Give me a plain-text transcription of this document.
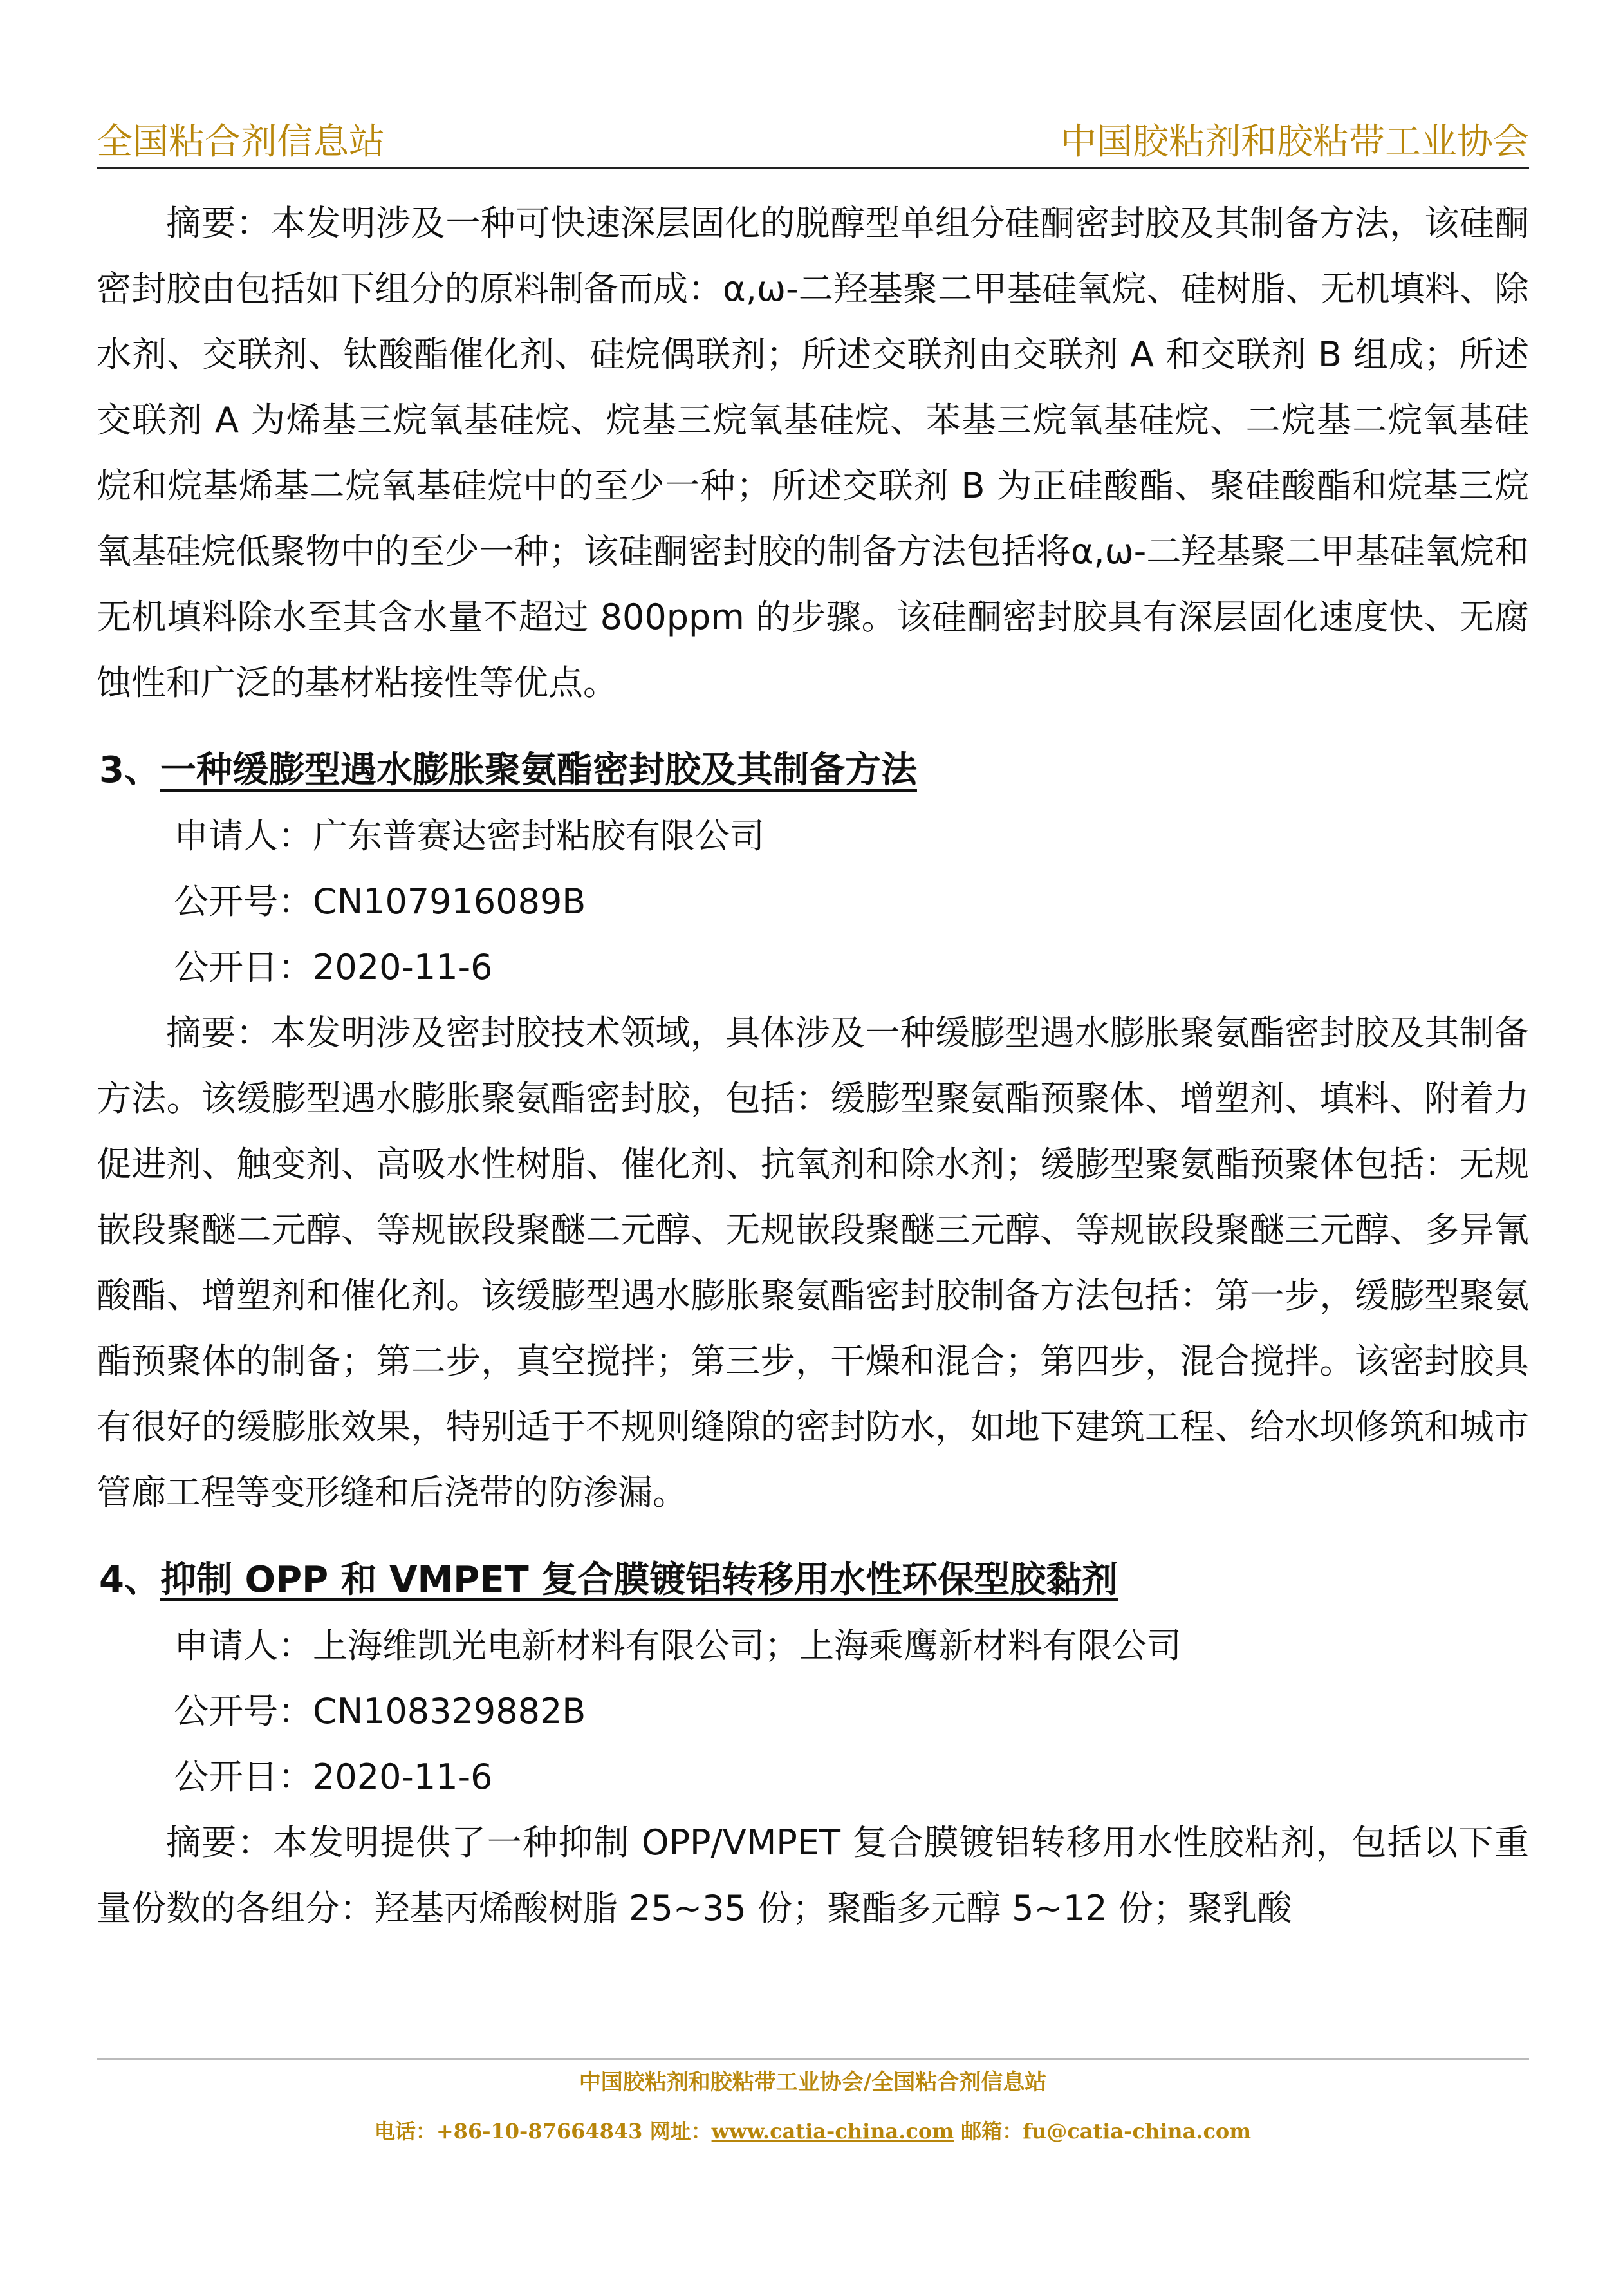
全国粘合剂信息站	中国胶粘剂和胶粘带工业协会

摘要：本发明涉及一种可快速深层固化的脱醇型单组分硅酮密封胶及其制备方法，该硅酮密封胶由包括如下组分的原料制备而成：α,ω-二羟基聚二甲基硅氧烷、硅树脂、无机填料、除水剂、交联剂、钛酸酯催化剂、硅烷偶联剂；所述交联剂由交联剂 A 和交联剂 B 组成；所述交联剂 A 为烯基三烷氧基硅烷、烷基三烷氧基硅烷、苯基三烷氧基硅烷、二烷基二烷氧基硅烷和烷基烯基二烷氧基硅烷中的至少一种；所述交联剂 B 为正硅酸酯、聚硅酸酯和烷基三烷氧基硅烷低聚物中的至少一种；该硅酮密封胶的制备方法包括将α,ω-二羟基聚二甲基硅氧烷和无机填料除水至其含水量不超过 800ppm 的步骤。该硅酮密封胶具有深层固化速度快、无腐蚀性和广泛的基材粘接性等优点。

3、一种缓膨型遇水膨胀聚氨酯密封胶及其制备方法
申请人：广东普赛达密封粘胶有限公司
公开号：CN107916089B
公开日：2020-11-6

摘要：本发明涉及密封胶技术领域，具体涉及一种缓膨型遇水膨胀聚氨酯密封胶及其制备方法。该缓膨型遇水膨胀聚氨酯密封胶，包括：缓膨型聚氨酯预聚体、增塑剂、填料、附着力促进剂、触变剂、高吸水性树脂、催化剂、抗氧剂和除水剂；缓膨型聚氨酯预聚体包括：无规嵌段聚醚二元醇、等规嵌段聚醚二元醇、无规嵌段聚醚三元醇、等规嵌段聚醚三元醇、多异氰酸酯、增塑剂和催化剂。该缓膨型遇水膨胀聚氨酯密封胶制备方法包括：第一步，缓膨型聚氨酯预聚体的制备；第二步，真空搅拌；第三步，干燥和混合；第四步，混合搅拌。该密封胶具有很好的缓膨胀效果，特别适于不规则缝隙的密封防水，如地下建筑工程、给水坝修筑和城市管廊工程等变形缝和后浇带的防渗漏。

4、抑制 OPP 和 VMPET 复合膜镀铝转移用水性环保型胶黏剂
申请人：上海维凯光电新材料有限公司；上海乘鹰新材料有限公司
公开号：CN108329882B
公开日：2020-11-6

摘要：本发明提供了一种抑制 OPP/VMPET 复合膜镀铝转移用水性胶粘剂，包括以下重量份数的各组分：羟基丙烯酸树脂 25~35 份；聚酯多元醇 5~12 份；聚乳酸

中国胶粘剂和胶粘带工业协会/全国粘合剂信息站
电话：+86-10-87664843 网址：www.catia-china.com 邮箱：fu@catia-china.com
